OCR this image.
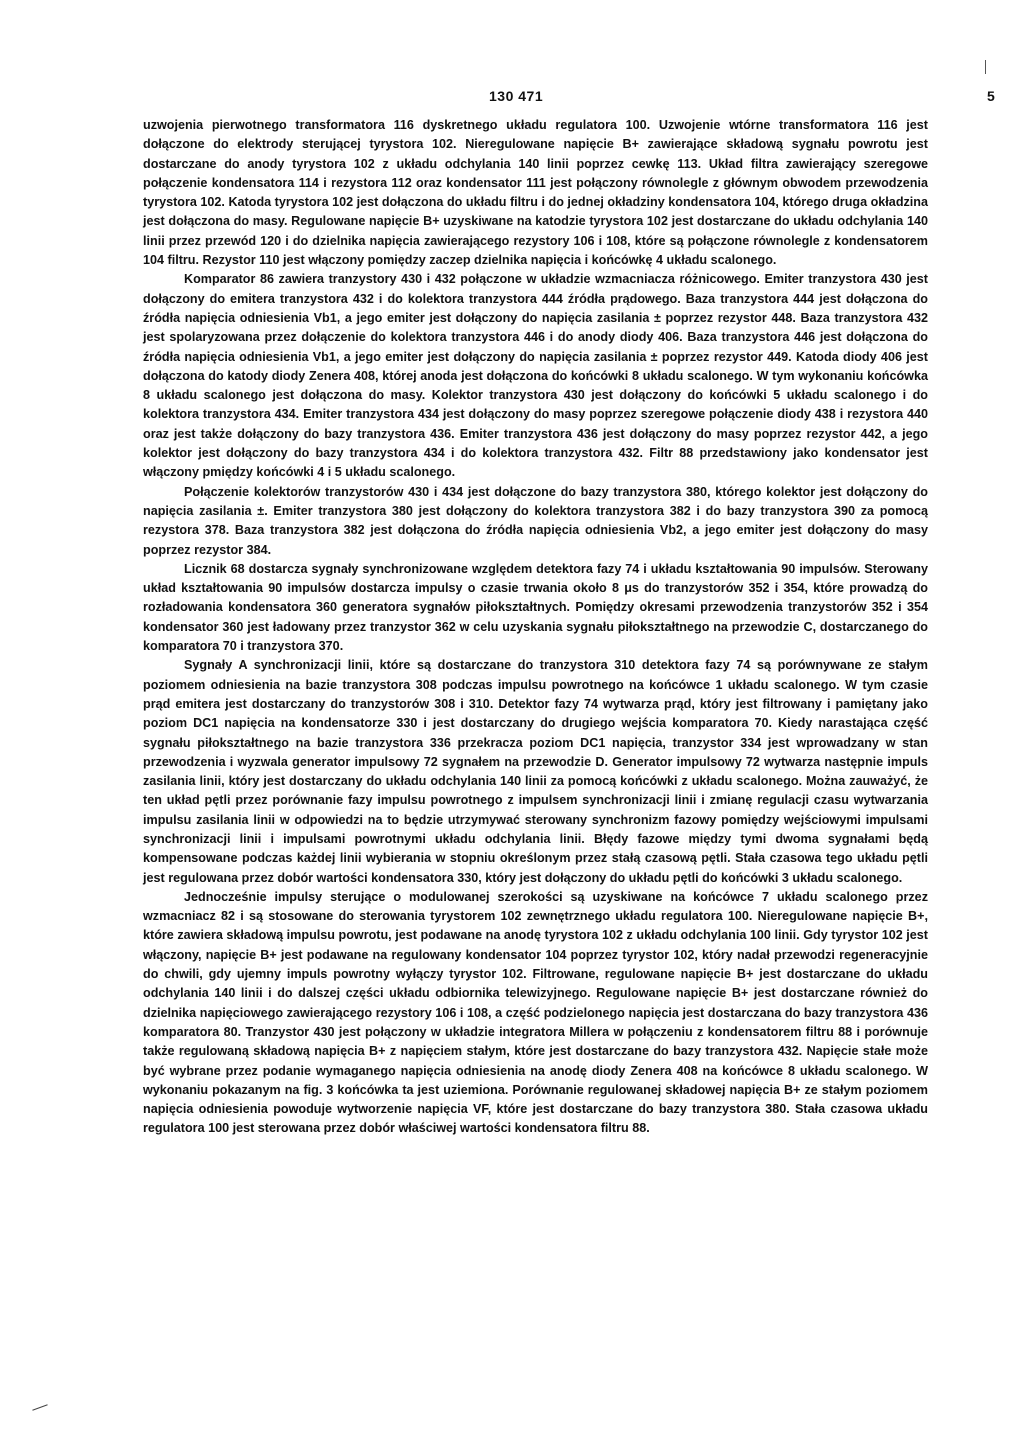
130 471	5

uzwojenia pierwotnego transformatora 116 dyskretnego układu regulatora 100. Uzwojenie wtórne transformatora 116 jest dołączone do elektrody sterującej tyrystora 102. Nieregulowane napięcie B+ zawierające składową sygnału powrotu jest dostarczane do anody tyrystora 102 z układu odchylania 140 linii poprzez cewkę 113. Układ filtra zawierający szeregowe połączenie kondensatora 114 i rezystora 112 oraz kondensator 111 jest połączony równolegle z głównym obwodem przewodzenia tyrystora 102. Katoda tyrystora 102 jest dołączona do układu filtru i do jednej okładziny kondensatora 104, którego druga okładzina jest dołączona do masy. Regulowane napięcie B+ uzyskiwane na katodzie tyrystora 102 jest dostarczane do układu odchylania 140 linii przez przewód 120 i do dzielnika napięcia zawierającego rezystory 106 i 108, które są połączone równolegle z kondensatorem 104 filtru. Rezystor 110 jest włączony pomiędzy zaczep dzielnika napięcia i końcówkę 4 układu scalonego.

Komparator 86 zawiera tranzystory 430 i 432 połączone w układzie wzmacniacza różnicowego. Emiter tranzystora 430 jest dołączony do emitera tranzystora 432 i do kolektora tranzystora 444 źródła prądowego. Baza tranzystora 444 jest dołączona do źródła napięcia odniesienia Vb1, a jego emiter jest dołączony do napięcia zasilania ± poprzez rezystor 448. Baza tranzystora 432 jest spolaryzowana przez dołączenie do kolektora tranzystora 446 i do anody diody 406. Baza tranzystora 446 jest dołączona do źródła napięcia odniesienia Vb1, a jego emiter jest dołączony do napięcia zasilania ± poprzez rezystor 449. Katoda diody 406 jest dołączona do katody diody Zenera 408, której anoda jest dołączona do końcówki 8 układu scalonego. W tym wykonaniu końcówka 8 układu scalonego jest dołączona do masy. Kolektor tranzystora 430 jest dołączony do końcówki 5 układu scalonego i do kolektora tranzystora 434. Emiter tranzystora 434 jest dołączony do masy poprzez szeregowe połączenie diody 438 i rezystora 440 oraz jest także dołączony do bazy tranzystora 436. Emiter tranzystora 436 jest dołączony do masy poprzez rezystor 442, a jego kolektor jest dołączony do bazy tranzystora 434 i do kolektora tranzystora 432. Filtr 88 przedstawiony jako kondensator jest włączony pmiędzy końcówki 4 i 5 układu scalonego.

Połączenie kolektorów tranzystorów 430 i 434 jest dołączone do bazy tranzystora 380, którego kolektor jest dołączony do napięcia zasilania ±. Emiter tranzystora 380 jest dołączony do kolektora tranzystora 382 i do bazy tranzystora 390 za pomocą rezystora 378. Baza tranzystora 382 jest dołączona do źródła napięcia odniesienia Vb2, a jego emiter jest dołączony do masy poprzez rezystor 384.

Licznik 68 dostarcza sygnały synchronizowane względem detektora fazy 74 i układu kształtowania 90 impulsów. Sterowany układ kształtowania 90 impulsów dostarcza impulsy o czasie trwania około 8 μs do tranzystorów 352 i 354, które prowadzą do rozładowania kondensatora 360 generatora sygnałów piłokształtnych. Pomiędzy okresami przewodzenia tranzystorów 352 i 354 kondensator 360 jest ładowany przez tranzystor 362 w celu uzyskania sygnału piłokształtnego na przewodzie C, dostarczanego do komparatora 70 i tranzystora 370.

Sygnały A synchronizacji linii, które są dostarczane do tranzystora 310 detektora fazy 74 są porównywane ze stałym poziomem odniesienia na bazie tranzystora 308 podczas impulsu powrotnego na końcówce 1 układu scalonego. W tym czasie prąd emitera jest dostarczany do tranzystorów 308 i 310. Detektor fazy 74 wytwarza prąd, który jest filtrowany i pamiętany jako poziom DC1 napięcia na kondensatorze 330 i jest dostarczany do drugiego wejścia komparatora 70. Kiedy narastająca część sygnału piłokształtnego na bazie tranzystora 336 przekracza poziom DC1 napięcia, tranzystor 334 jest wprowadzany w stan przewodzenia i wyzwala generator impulsowy 72 sygnałem na przewodzie D. Generator impulsowy 72 wytwarza następnie impuls zasilania linii, który jest dostarczany do układu odchylania 140 linii za pomocą końcówki z układu scalonego. Można zauważyć, że ten układ pętli przez porównanie fazy impulsu powrotnego z impulsem synchronizacji linii i zmianę regulacji czasu wytwarzania impulsu zasilania linii w odpowiedzi na to będzie utrzymywać sterowany synchronizm fazowy pomiędzy wejściowymi impulsami synchronizacji linii i impulsami powrotnymi układu odchylania linii. Błędy fazowe między tymi dwoma sygnałami będą kompensowane podczas każdej linii wybierania w stopniu określonym przez stałą czasową pętli. Stała czasowa tego układu pętli jest regulowana przez dobór wartości kondensatora 330, który jest dołączony do układu pętli do końcówki 3 układu scalonego.

Jednocześnie impulsy sterujące o modulowanej szerokości są uzyskiwane na końcówce 7 układu scalonego przez wzmacniacz 82 i są stosowane do sterowania tyrystorem 102 zewnętrznego układu regulatora 100. Nieregulowane napięcie B+, które zawiera składową impulsu powrotu, jest podawane na anodę tyrystora 102 z układu odchylania 100 linii. Gdy tyrystor 102 jest włączony, napięcie B+ jest podawane na regulowany kondensator 104 poprzez tyrystor 102, który nadał przewodzi regeneracyjnie do chwili, gdy ujemny impuls powrotny wyłączy tyrystor 102. Filtrowane, regulowane napięcie B+ jest dostarczane do układu odchylania 140 linii i do dalszej części układu odbiornika telewizyjnego. Regulowane napięcie B+ jest dostarczane również do dzielnika napięciowego zawierającego rezystory 106 i 108, a część podzielonego napięcia jest dostarczana do bazy tranzystora 436 komparatora 80. Tranzystor 430 jest połączony w układzie integratora Millera w połączeniu z kondensatorem filtru 88 i porównuje także regulowaną składową napięcia B+ z napięciem stałym, które jest dostarczane do bazy tranzystora 432. Napięcie stałe może być wybrane przez podanie wymaganego napięcia odniesienia na anodę diody Zenera 408 na końcówce 8 układu scalonego. W wykonaniu pokazanym na fig. 3 końcówka ta jest uziemiona. Porównanie regulowanej składowej napięcia B+ ze stałym poziomem napięcia odniesienia powoduje wytworzenie napięcia VF, które jest dostarczane do bazy tranzystora 380. Stała czasowa układu regulatora 100 jest sterowana przez dobór właściwej wartości kondensatora filtru 88.
